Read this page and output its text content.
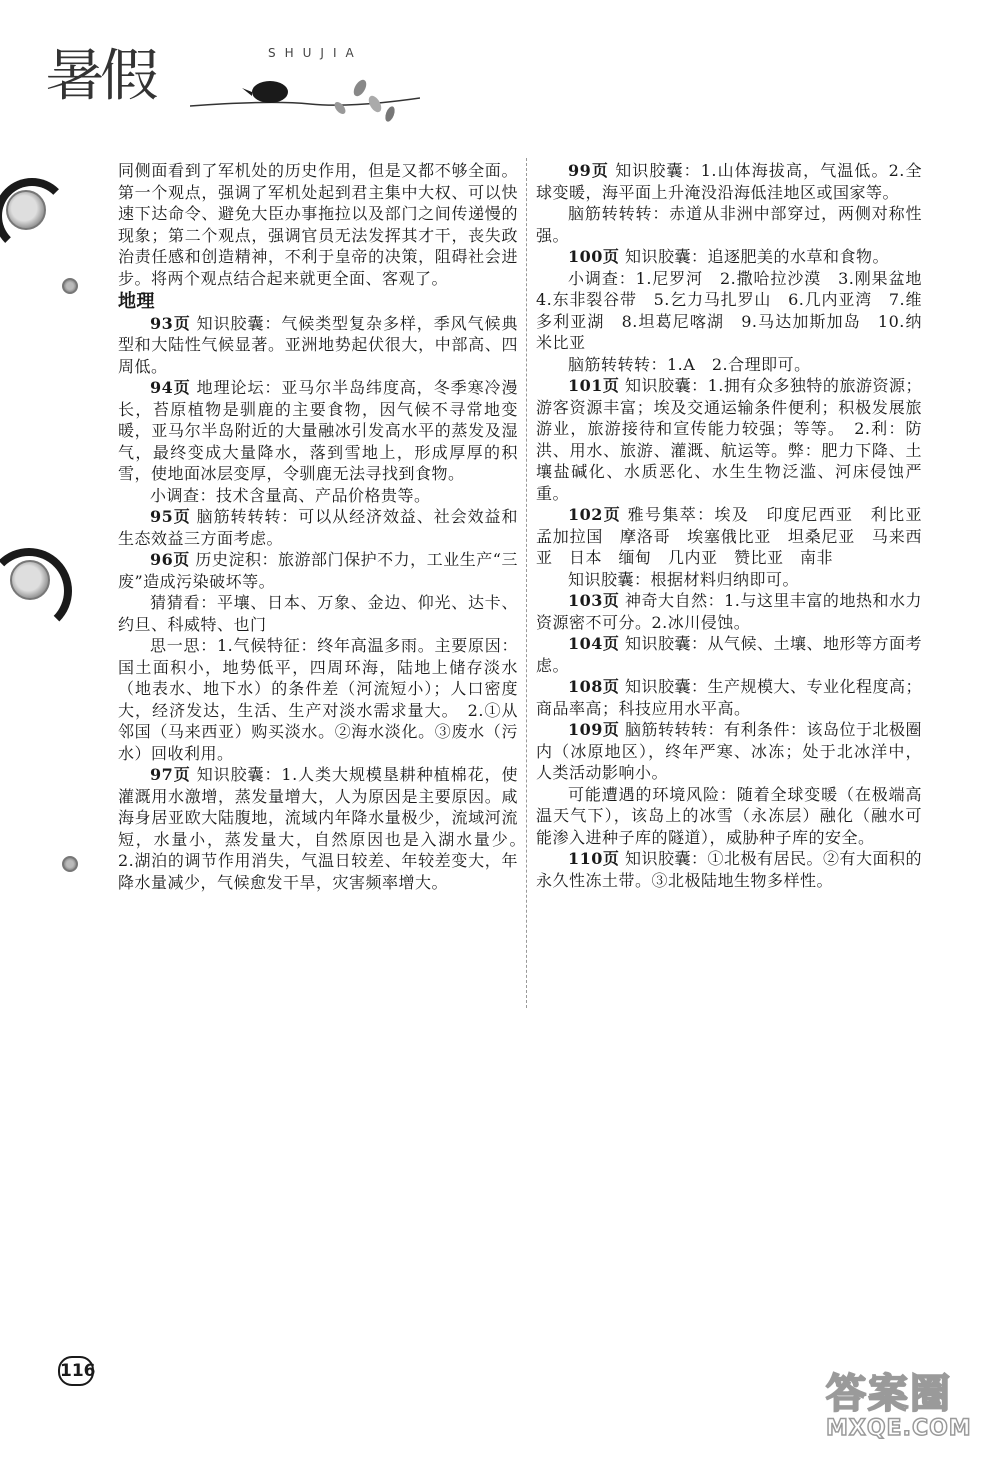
暑假	SHUJIA

同侧面看到了军机处的历史作用，但是又都不够全面。第一个观点，强调了军机处起到君主集中大权、可以快速下达命令、避免大臣办事拖拉以及部门之间传递慢的现象；第二个观点，强调官员无法发挥其才干，丧失政治责任感和创造精神，不利于皇帝的决策，阻碍社会进步。将两个观点结合起来就更全面、客观了。

地理

93页 知识胶囊：气候类型复杂多样，季风气候典型和大陆性气候显著。亚洲地势起伏很大，中部高、四周低。

94页 地理论坛：亚马尔半岛纬度高，冬季寒冷漫长，苔原植物是驯鹿的主要食物，因气候不寻常地变暖，亚马尔半岛附近的大量融冰引发高水平的蒸发及湿气，最终变成大量降水，落到雪地上，形成厚厚的积雪，使地面冰层变厚，令驯鹿无法寻找到食物。

小调查：技术含量高、产品价格贵等。

95页 脑筋转转转：可以从经济效益、社会效益和生态效益三方面考虑。

96页 历史淀积：旅游部门保护不力，工业生产“三废”造成污染破坏等。

猜猜看：平壤、日本、万象、金边、仰光、达卡、约旦、科威特、也门

思一思：1.气候特征：终年高温多雨。主要原因：国土面积小，地势低平，四周环海，陆地上储存淡水（地表水、地下水）的条件差（河流短小）；人口密度大，经济发达，生活、生产对淡水需求量大。　2.①从邻国（马来西亚）购买淡水。②海水淡化。③废水（污水）回收利用。

97页 知识胶囊：1.人类大规模垦耕种植棉花，使灌溉用水激增，蒸发量增大，人为原因是主要原因。咸海身居亚欧大陆腹地，流域内年降水量极少，流域河流短，水量小，蒸发量大，自然原因也是入湖水量少。　2.湖泊的调节作用消失，气温日较差、年较差变大，年降水量减少，气候愈发干旱，灾害频率增大。

99页 知识胶囊：1.山体海拔高，气温低。2.全球变暖，海平面上升淹没沿海低洼地区或国家等。

脑筋转转转：赤道从非洲中部穿过，两侧对称性强。

100页 知识胶囊：追逐肥美的水草和食物。

小调查：1.尼罗河　2.撒哈拉沙漠　3.刚果盆地　4.东非裂谷带　5.乞力马扎罗山　6.几内亚湾　7.维多利亚湖　8.坦葛尼喀湖　9.马达加斯加岛　10.纳米比亚

脑筋转转转：1.A　2.合理即可。

101页 知识胶囊：1.拥有众多独特的旅游资源；游客资源丰富；埃及交通运输条件便利；积极发展旅游业，旅游接待和宣传能力较强；等等。　2.利：防洪、用水、旅游、灌溉、航运等。弊：肥力下降、土壤盐碱化、水质恶化、水生生物泛滥、河床侵蚀严重。

102页 雅号集萃：埃及　印度尼西亚　利比亚　孟加拉国　摩洛哥　埃塞俄比亚　坦桑尼亚　马来西亚　日本　缅甸　几内亚　赞比亚　南非

知识胶囊：根据材料归纳即可。

103页 神奇大自然：1.与这里丰富的地热和水力资源密不可分。2.冰川侵蚀。

104页 知识胶囊：从气候、土壤、地形等方面考虑。

108页 知识胶囊：生产规模大、专业化程度高；商品率高；科技应用水平高。

109页 脑筋转转转：有利条件：该岛位于北极圈内（冰原地区），终年严寒、冰冻；处于北冰洋中，人类活动影响小。

可能遭遇的环境风险：随着全球变暖（在极端高温天气下），该岛上的冰雪（永冻层）融化（融水可能渗入进种子库的隧道），威胁种子库的安全。

110页 知识胶囊：①北极有居民。②有大面积的永久性冻土带。③北极陆地生物多样性。

116	答案圈
MXQE.COM
